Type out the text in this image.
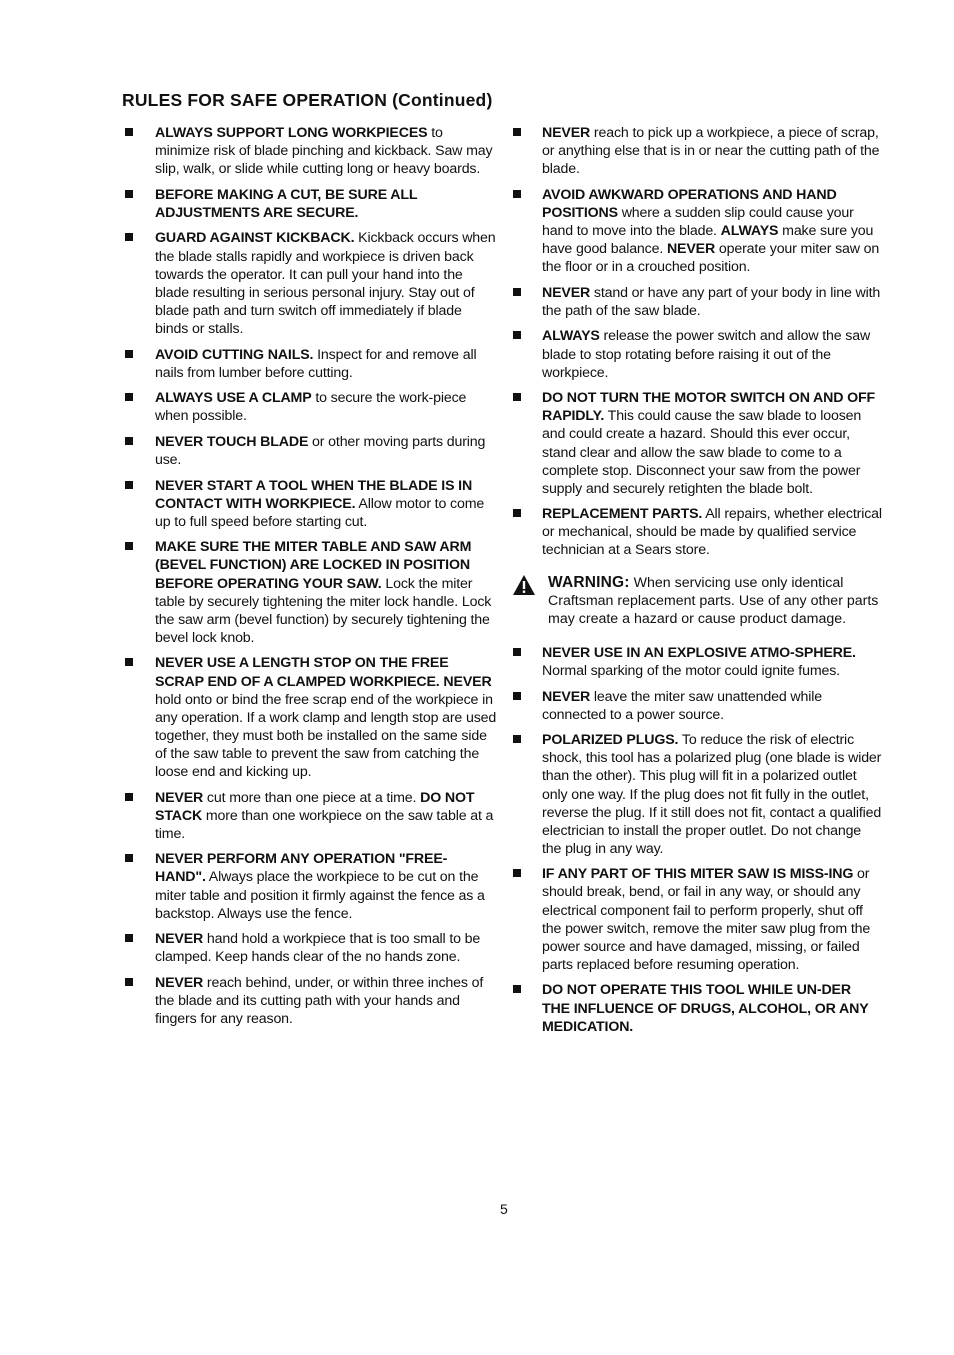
RULES FOR SAFE OPERATION (Continued)
ALWAYS SUPPORT LONG WORKPIECES to minimize risk of blade pinching and kickback. Saw may slip, walk, or slide while cutting long or heavy boards.
BEFORE MAKING A CUT, BE SURE ALL ADJUSTMENTS ARE SECURE.
GUARD AGAINST KICKBACK. Kickback occurs when the blade stalls rapidly and workpiece is driven back towards the operator. It can pull your hand into the blade resulting in serious personal injury. Stay out of blade path and turn switch off immediately if blade binds or stalls.
AVOID CUTTING NAILS. Inspect for and remove all nails from lumber before cutting.
ALWAYS USE A CLAMP to secure the work-piece when possible.
NEVER TOUCH BLADE or other moving parts during use.
NEVER START A TOOL WHEN THE BLADE IS IN CONTACT WITH WORKPIECE. Allow motor to come up to full speed before starting cut.
MAKE SURE THE MITER TABLE AND SAW ARM (BEVEL FUNCTION) ARE LOCKED IN POSITION BEFORE OPERATING YOUR SAW. Lock the miter table by securely tightening the miter lock handle. Lock the saw arm (bevel function) by securely tightening the bevel lock knob.
NEVER USE A LENGTH STOP ON THE FREE SCRAP END OF A CLAMPED WORKPIECE. NEVER hold onto or bind the free scrap end of the workpiece in any operation. If a work clamp and length stop are used together, they must both be installed on the same side of the saw table to prevent the saw from catching the loose end and kicking up.
NEVER cut more than one piece at a time. DO NOT STACK more than one workpiece on the saw table at a time.
NEVER PERFORM ANY OPERATION "FREE-HAND". Always place the workpiece to be cut on the miter table and position it firmly against the fence as a backstop. Always use the fence.
NEVER hand hold a workpiece that is too small to be clamped. Keep hands clear of the no hands zone.
NEVER reach behind, under, or within three inches of the blade and its cutting path with your hands and fingers for any reason.
NEVER reach to pick up a workpiece, a piece of scrap, or anything else that is in or near the cutting path of the blade.
AVOID AWKWARD OPERATIONS AND HAND POSITIONS where a sudden slip could cause your hand to move into the blade. ALWAYS make sure you have good balance. NEVER operate your miter saw on the floor or in a crouched position.
NEVER stand or have any part of your body in line with the path of the saw blade.
ALWAYS release the power switch and allow the saw blade to stop rotating before raising it out of the workpiece.
DO NOT TURN THE MOTOR SWITCH ON AND OFF RAPIDLY. This could cause the saw blade to loosen and could create a hazard. Should this ever occur, stand clear and allow the saw blade to come to a complete stop. Disconnect your saw from the power supply and securely retighten the blade bolt.
REPLACEMENT PARTS. All repairs, whether electrical or mechanical, should be made by qualified service technician at a Sears store.
WARNING: When servicing use only identical Craftsman replacement parts. Use of any other parts may create a hazard or cause product damage.
NEVER USE IN AN EXPLOSIVE ATMO-SPHERE. Normal sparking of the motor could ignite fumes.
NEVER leave the miter saw unattended while connected to a power source.
POLARIZED PLUGS. To reduce the risk of electric shock, this tool has a polarized plug (one blade is wider than the other). This plug will fit in a polarized outlet only one way. If the plug does not fit fully in the outlet, reverse the plug. If it still does not fit, contact a qualified electrician to install the proper outlet. Do not change the plug in any way.
IF ANY PART OF THIS MITER SAW IS MISS-ING or should break, bend, or fail in any way, or should any electrical component fail to perform properly, shut off the power switch, remove the miter saw plug from the power source and have damaged, missing, or failed parts replaced before resuming operation.
DO NOT OPERATE THIS TOOL WHILE UN-DER THE INFLUENCE OF DRUGS, ALCOHOL, OR ANY MEDICATION.
5
